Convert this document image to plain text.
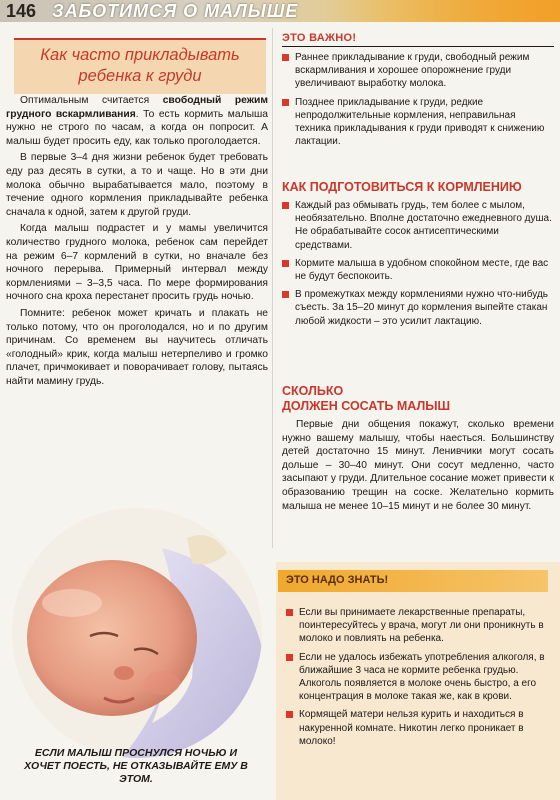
146 ЗАБОТИМСЯ О МАЛЫШЕ
Как часто прикладывать
ребенка к груди

Оптимальным считается свободный режим грудного вскармливания. То есть кормить малыша нужно не строго по часам, а когда он попросит. А малыш будет просить еду, как только проголодается.

В первые 3–4 дня жизни ребенок будет требовать еду раз десять в сутки, а то и чаще. Но в эти дни молока обычно вырабатывается мало, поэтому в течение одного кормления прикладывайте ребенка сначала к одной, затем к другой груди.

Когда малыш подрастет и у мамы увеличится количество грудного молока, ребенок сам перейдет на режим 6–7 кормлений в сутки, но вначале без ночного перерыва. Примерный интервал между кормлениями – 3–3,5 часа. По мере формирования ночного сна кроха перестанет просить грудь ночью.

Помните: ребенок может кричать и плакать не только потому, что он проголодался, но и по другим причинам. Со временем вы научитесь отличать «голодный» крик, когда малыш нетерпеливо и громко плачет, причмокивает и поворачивает голову, пытаясь найти мамину грудь.

ЕСЛИ МАЛЫШ ПРОСНУЛСЯ НОЧЬЮ И ХОЧЕТ ПОЕСТЬ, НЕ ОТКАЗЫВАЙТЕ ЕМУ В ЭТОМ.
ЭТО ВАЖНО!
Раннее прикладывание к груди, свободный режим вскармливания и хорошее опорожнение груди увеличивают выработку молока.
Позднее прикладывание к груди, редкие непродолжительные кормления, неправильная техника прикладывания к груди приводят к снижению лактации.
КАК ПОДГОТОВИТЬСЯ К КОРМЛЕНИЮ
Каждый раз обмывать грудь, тем более с мылом, необязательно. Вполне достаточно ежедневного душа. Не обрабатывайте сосок антисептическими средствами.
Кормите малыша в удобном спокойном месте, где вас не будут беспокоить.
В промежутках между кормлениями нужно что-нибудь съесть. За 15–20 минут до кормления выпейте стакан любой жидкости – это усилит лактацию.
СКОЛЬКО
ДОЛЖЕН СОСАТЬ МАЛЫШ
Первые дни общения покажут, сколько времени нужно вашему малышу, чтобы наесться. Большинству детей достаточно 15 минут. Ленивчики могут сосать дольше – 30–40 минут. Они сосут медленно, часто засыпают у груди. Длительное сосание может привести к образованию трещин на соске. Желательно кормить малыша не менее 10–15 минут и не более 30 минут.
ЭТО НАДО ЗНАТЬ!
Если вы принимаете лекарственные препараты, поинтересуйтесь у врача, могут ли они проникнуть в молоко и повлиять на ребенка.
Если не удалось избежать употребления алкоголя, в ближайшие 3 часа не кормите ребенка грудью. Алкоголь появляется в молоке очень быстро, а его концентрация в молоке такая же, как в крови.
Кормящей матери нельзя курить и находиться в накуренной комнате. Никотин легко проникает в молоко!
